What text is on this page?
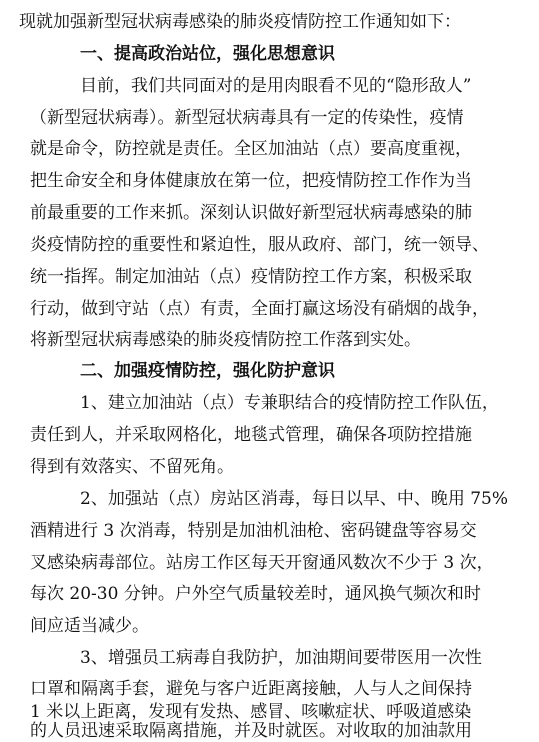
现就加强新型冠状病毒感染的肺炎疫情防控工作通知如下：
一、提高政治站位，强化思想意识
目前，我们共同面对的是用肉眼看不见的“隐形敌人”
（新型冠状病毒）。新型冠状病毒具有一定的传染性，疫情
就是命令，防控就是责任。全区加油站（点）要高度重视，
把生命安全和身体健康放在第一位，把疫情防控工作作为当
前最重要的工作来抓。深刻认识做好新型冠状病毒感染的肺
炎疫情防控的重要性和紧迫性，服从政府、部门，统一领导、
统一指挥。制定加油站（点）疫情防控工作方案，积极采取
行动，做到守站（点）有责，全面打赢这场没有硝烟的战争，
将新型冠状病毒感染的肺炎疫情防控工作落到实处。
二、加强疫情防控，强化防护意识
1、建立加油站（点）专兼职结合的疫情防控工作队伍，
责任到人，并采取网格化，地毯式管理，确保各项防控措施
得到有效落实、不留死角。
2、加强站（点）房站区消毒，每日以早、中、晚用 75%
酒精进行 3 次消毒，特别是加油机油枪、密码键盘等容易交
叉感染病毒部位。站房工作区每天开窗通风数次不少于 3 次，
每次 20-30 分钟。户外空气质量较差时，通风换气频次和时
间应适当减少。
3、增强员工病毒自我防护，加油期间要带医用一次性
口罩和隔离手套，避免与客户近距离接触，人与人之间保持
1 米以上距离，发现有发热、感冒、咳嗽症状、呼吸道感染
的人员迅速采取隔离措施，并及时就医。对收取的加油款用
